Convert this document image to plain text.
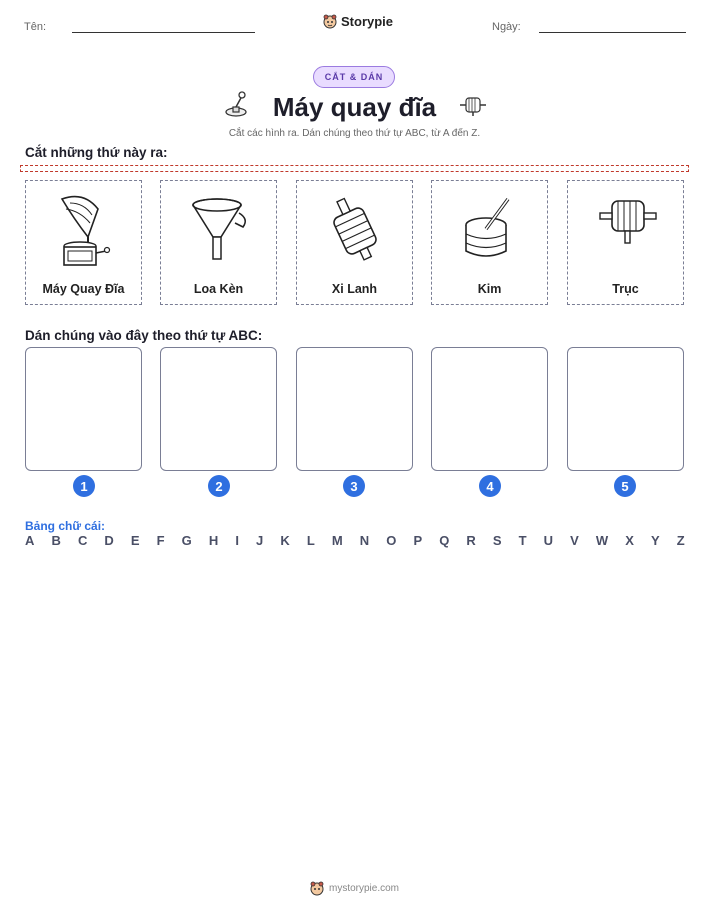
Tên:	Storypie	Ngày:
CẮT & DÁN
Máy quay đĩa
Cắt các hình ra. Dán chúng theo thứ tự ABC, từ A đến Z.
Cắt những thứ này ra:
Máy Quay Đĩa	Loa Kèn	Xi Lanh	Kim	Trục
Dán chúng vào đây theo thứ tự ABC:
1	2	3	4	5
Bảng chữ cái:
A B C D E F G H I J K L M N O P Q R S T U V W X Y Z
mystorypie.com
